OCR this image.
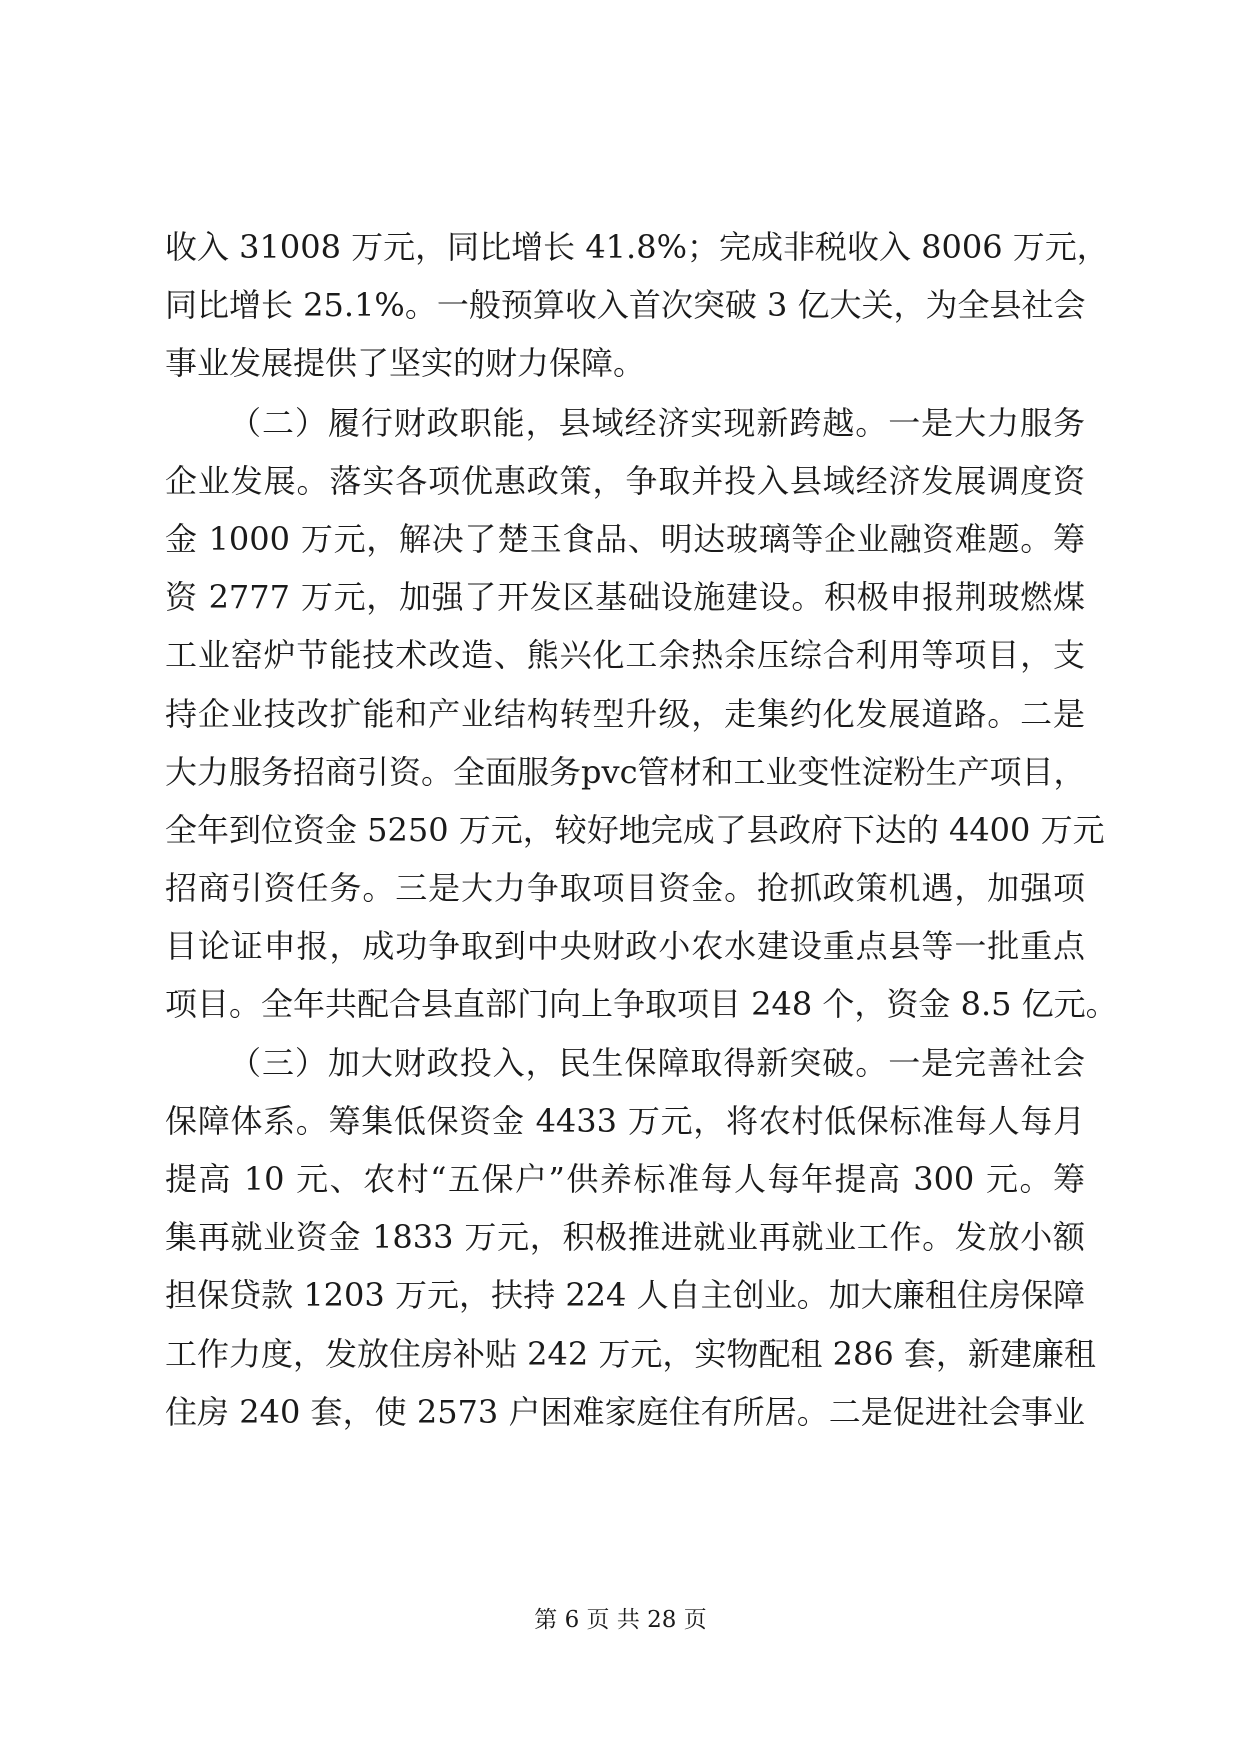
收入 31008 万元，同比增长 41.8%；完成非税收入 8006 万元，
同比增长 25.1%。一般预算收入首次突破 3 亿大关，为全县社会
事业发展提供了坚实的财力保障。
（二）履行财政职能，县域经济实现新跨越。一是大力服务
企业发展。落实各项优惠政策，争取并投入县域经济发展调度资
金 1000 万元，解决了楚玉食品、明达玻璃等企业融资难题。筹
资 2777 万元，加强了开发区基础设施建设。积极申报荆玻燃煤
工业窑炉节能技术改造、熊兴化工余热余压综合利用等项目，支
持企业技改扩能和产业结构转型升级，走集约化发展道路。二是
大力服务招商引资。全面服务pvc管材和工业变性淀粉生产项目，
全年到位资金 5250 万元，较好地完成了县政府下达的 4400 万元
招商引资任务。三是大力争取项目资金。抢抓政策机遇，加强项
目论证申报，成功争取到中央财政小农水建设重点县等一批重点
项目。全年共配合县直部门向上争取项目 248 个，资金 8.5 亿元。
（三）加大财政投入，民生保障取得新突破。一是完善社会
保障体系。筹集低保资金 4433 万元，将农村低保标准每人每月
提高 10 元、农村“五保户”供养标准每人每年提高 300 元。筹
集再就业资金 1833 万元，积极推进就业再就业工作。发放小额
担保贷款 1203 万元，扶持 224 人自主创业。加大廉租住房保障
工作力度，发放住房补贴 242 万元，实物配租 286 套，新建廉租
住房 240 套，使 2573 户困难家庭住有所居。二是促进社会事业
第 6 页 共 28 页
